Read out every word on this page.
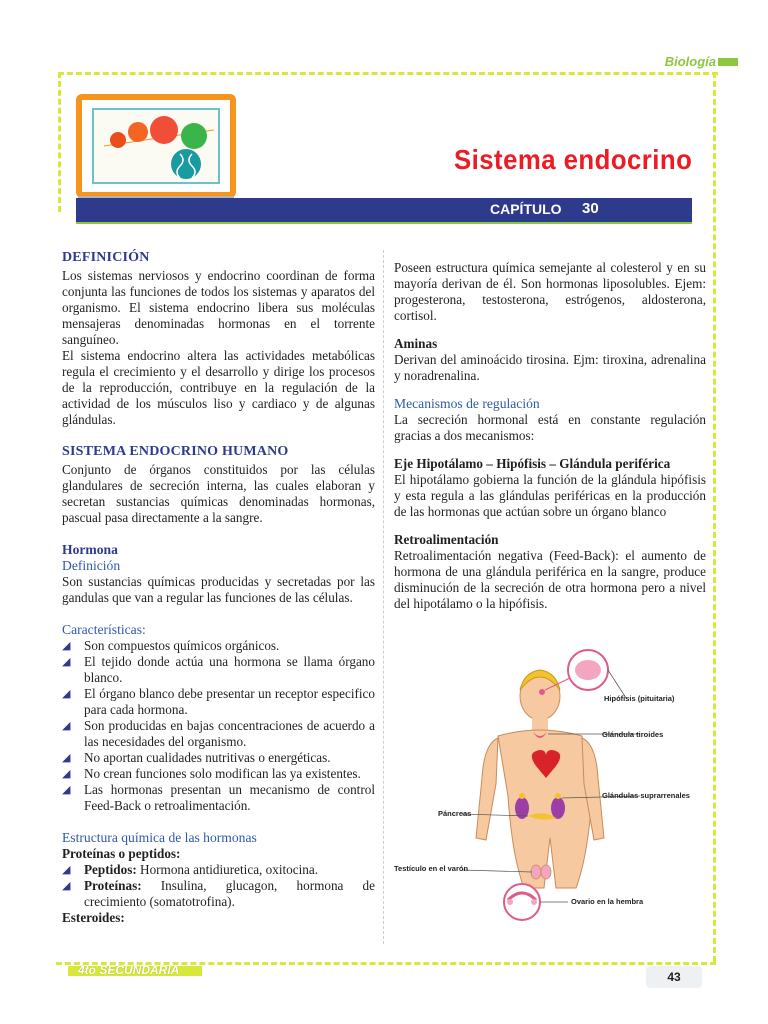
Biología
Sistema endocrino
CAPÍTULO 30
DEFINICIÓN

Los sistemas nerviosos y endocrino coordinan de forma conjunta las funciones de todos los sistemas y aparatos del organismo. El sistema endocrino libera sus moléculas mensajeras denominadas hormonas en el torrente sanguíneo.

El sistema endocrino altera las actividades metabólicas regula el crecimiento y el desarrollo y dirige los procesos de la reproducción, contribuye en la regulación de la actividad de los músculos liso y cardiaco y de algunas glándulas.

SISTEMA ENDOCRINO HUMANO

Conjunto de órganos constituidos por las células glandulares de secreción interna, las cuales elaboran y secretan sustancias químicas denominadas hormonas, pascual pasa directamente a la sangre.

Hormona
Definición

Son sustancias químicas producidas y secretadas por las gandulas que van a regular las funciones de las células.

Características:
◢ Son compuestos químicos orgánicos.
◢ El tejido donde actúa una hormona se llama órgano blanco.
◢ El órgano blanco debe presentar un receptor especifico para cada hormona.
◢ Son producidas en bajas concentraciones de acuerdo a las necesidades del organismo.
◢ No aportan cualidades nutritivas o energéticas.
◢ No crean funciones solo modifican las ya existentes.
◢ Las hormonas presentan un mecanismo de control Feed-Back o retroalimentación.
Estructura química de las hormonas
Proteínas o peptidos:
◢ Peptidos: Hormona antidiuretica, oxitocina.
◢ Proteínas: Insulina, glucagon, hormona de crecimiento (somatotrofina).
Esteroides:

Poseen estructura química semejante al colesterol y en su mayoría derivan de él. Son hormonas liposolubles. Ejem: progesterona, testosterona, estrógenos, aldosterona, cortisol.

Aminas

Derivan del aminoácido tirosina. Ejm: tiroxina, adrenalina y noradrenalina.

Mecanismos de regulación

La secreción hormonal está en constante regulación gracias a dos mecanismos:

Eje Hipotálamo – Hipófisis – Glándula periférica

El hipotálamo gobierna la función de la glándula hipófisis y esta regula a las glándulas periféricas en la producción de las hormonas que actúan sobre un órgano blanco

Retroalimentación

Retroalimentación negativa (Feed-Back): el aumento de hormona de una glándula periférica en la sangre, produce disminución de la secreción de otra hormona pero a nivel del hipotálamo o la hipófisis.

Hipófisis (pituitaria)
Glándula tiroides
Glándulas suprarrenales
Páncreas
Testículo en el varón
Ovario en la hembra
4to SECUNDARIA	43
